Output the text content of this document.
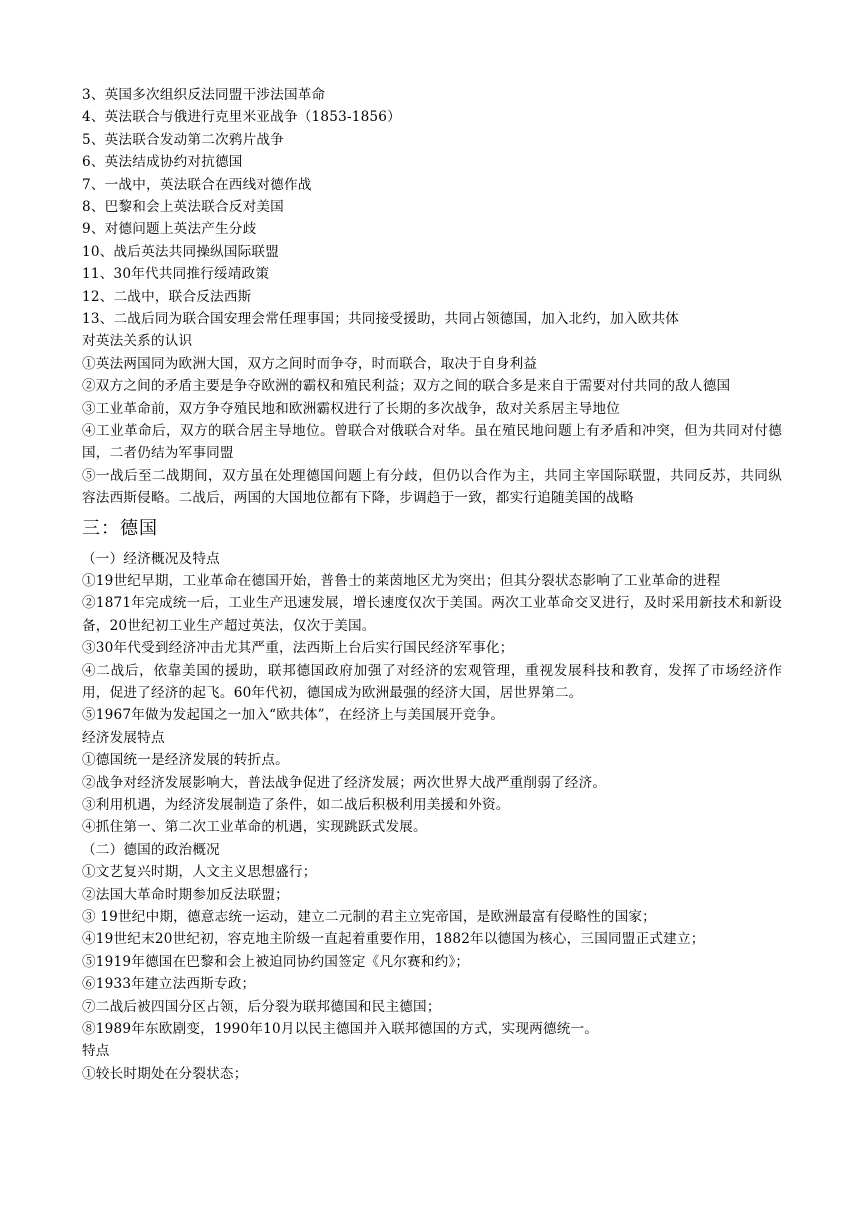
3、英国多次组织反法同盟干涉法国革命
4、英法联合与俄进行克里米亚战争（1853-1856）
5、英法联合发动第二次鸦片战争
6、英法结成协约对抗德国
7、一战中，英法联合在西线对德作战
8、巴黎和会上英法联合反对美国
9、对德问题上英法产生分歧
10、战后英法共同操纵国际联盟
11、30年代共同推行绥靖政策
12、二战中，联合反法西斯
13、二战后同为联合国安理会常任理事国；共同接受援助，共同占领德国，加入北约，加入欧共体
对英法关系的认识
①英法两国同为欧洲大国，双方之间时而争夺，时而联合，取决于自身利益
②双方之间的矛盾主要是争夺欧洲的霸权和殖民利益；双方之间的联合多是来自于需要对付共同的敌人德国
③工业革命前，双方争夺殖民地和欧洲霸权进行了长期的多次战争，敌对关系居主导地位
④工业革命后，双方的联合居主导地位。曾联合对俄联合对华。虽在殖民地问题上有矛盾和冲突，但为共同对付德国，二者仍结为军事同盟
⑤一战后至二战期间，双方虽在处理德国问题上有分歧，但仍以合作为主，共同主宰国际联盟，共同反苏，共同纵容法西斯侵略。二战后，两国的大国地位都有下降，步调趋于一致，都实行追随美国的战略
三：德国
（一）经济概况及特点
①19世纪早期，工业革命在德国开始，普鲁士的莱茵地区尤为突出；但其分裂状态影响了工业革命的进程
②1871年完成统一后，工业生产迅速发展，增长速度仅次于美国。两次工业革命交叉进行，及时采用新技术和新设备，20世纪初工业生产超过英法，仅次于美国。
③30年代受到经济冲击尤其严重，法西斯上台后实行国民经济军事化；
④二战后，依靠美国的援助，联邦德国政府加强了对经济的宏观管理，重视发展科技和教育，发挥了市场经济作用，促进了经济的起飞。60年代初，德国成为欧洲最强的经济大国，居世界第二。
⑤1967年做为发起国之一加入“欧共体”，在经济上与美国展开竞争。
经济发展特点
①德国统一是经济发展的转折点。
②战争对经济发展影响大，普法战争促进了经济发展；两次世界大战严重削弱了经济。
③利用机遇，为经济发展制造了条件，如二战后积极利用美援和外资。
④抓住第一、第二次工业革命的机遇，实现跳跃式发展。
（二）德国的政治概况
①文艺复兴时期，人文主义思想盛行；
②法国大革命时期参加反法联盟；
③ 19世纪中期，德意志统一运动，建立二元制的君主立宪帝国，是欧洲最富有侵略性的国家；
④19世纪末20世纪初，容克地主阶级一直起着重要作用，1882年以德国为核心，三国同盟正式建立；
⑤1919年德国在巴黎和会上被迫同协约国签定《凡尔赛和约》；
⑥1933年建立法西斯专政；
⑦二战后被四国分区占领，后分裂为联邦德国和民主德国；
⑧1989年东欧剧变，1990年10月以民主德国并入联邦德国的方式，实现两德统一。
特点
①较长时期处在分裂状态；
